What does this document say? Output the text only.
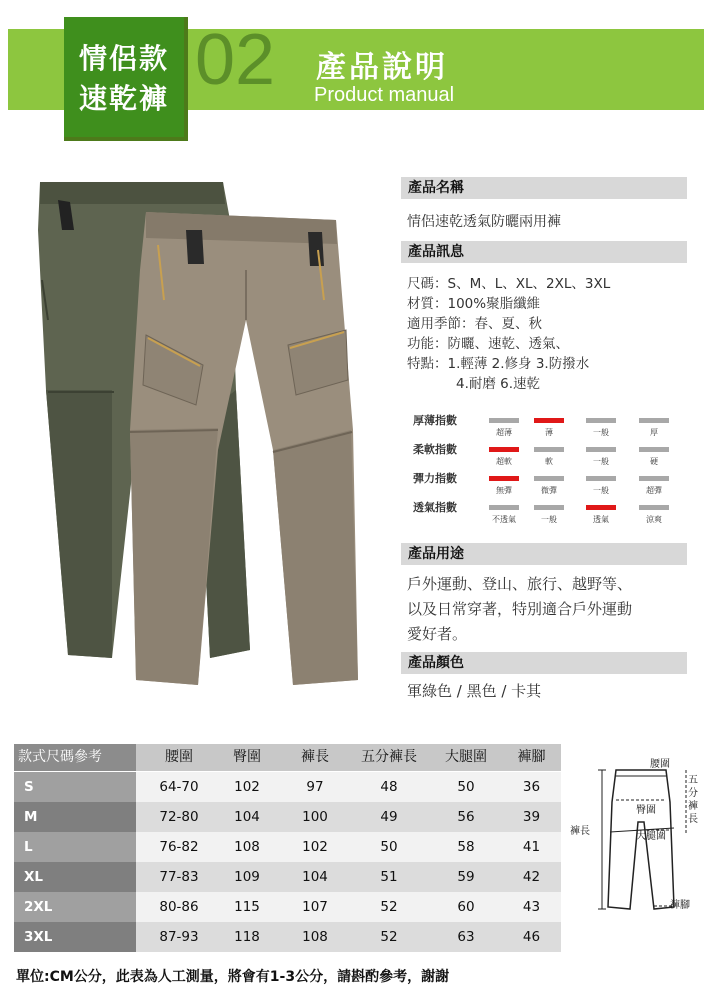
情侶款
速乾褲 02 產品說明
Product manual
產品名稱
情侶速乾透氣防曬兩用褲
產品訊息
尺碼：S、M、L、XL、2XL、3XL
材質：100%聚脂纖維
適用季節：春、夏、秋
功能：防曬、速乾、透氣、
特點：1.輕薄 2.修身 3.防撥水
4.耐磨 6.速乾
厚薄指數
超薄	薄	一般	厚
柔軟指數
超軟	軟	一般	硬
彈力指數
無彈	微彈	一般	超彈
透氣指數
不透氣	一般	透氣	涼爽
產品用途
戶外運動、登山、旅行、越野等、
以及日常穿著，特別適合戶外運動
愛好者。
產品顏色
軍綠色 / 黑色 / 卡其
款式尺碼參考	腰圍	臀圍	褲長	五分褲長	大腿圍	褲腳
S	64-70	102	97	48	50	36
M	72-80	104	100	49	56	39
L	76-82	108	102	50	58	41
XL	77-83	109	104	51	59	42
2XL	80-86	115	107	52	60	43
3XL	87-93	118	108	52	63	46
腰圍
臀圍
五分褲長
褲長	大腿圍
褲腳
單位:CM公分，此表為人工測量，將會有1-3公分，請斟酌參考，謝謝
